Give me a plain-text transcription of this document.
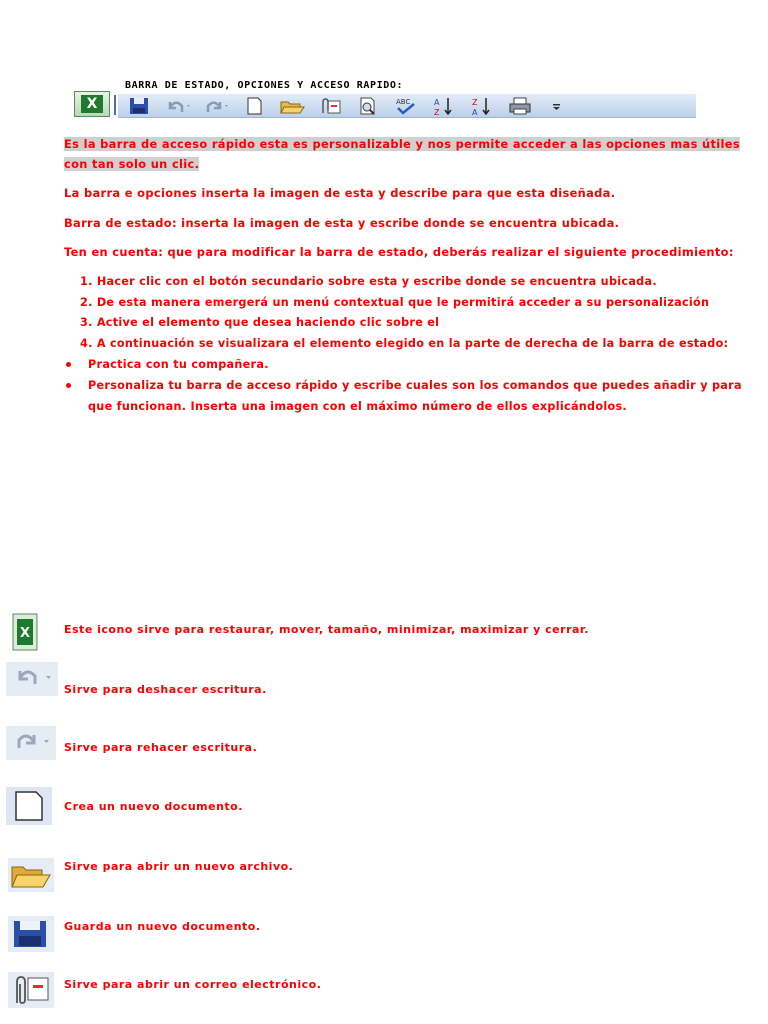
BARRA DE ESTADO, OPCIONES Y ACCESO RAPIDO:
X	ABC	A
Z
Z
A
Es la barra de acceso rápido esta es personalizable y nos permite acceder a las opciones mas útiles
con tan solo un clic.
La barra e opciones inserta la imagen de esta y describe para que esta diseñada.
Barra de estado: inserta la imagen de esta y escribe donde se encuentra ubicada.
Ten en cuenta: que para modificar la barra de estado, deberás realizar el siguiente procedimiento:
1. Hacer clic con el botón secundario sobre esta y escribe donde se encuentra ubicada.
2. De esta manera emergerá un menú contextual que le permitirá acceder a su personalización
3. Active el elemento que desea haciendo clic sobre el
4. A continuación se visualizara el elemento elegido en la parte de derecha de la barra de estado:
Practica con tu compañera.
Personaliza tu barra de acceso rápido y escribe cuales son los comandos que puedes añadir y para
que funcionan. Inserta una imagen con el máximo número de ellos explicándolos.
X	Este icono sirve para restaurar, mover, tamaño, minimizar, maximizar y cerrar.
Sirve para deshacer escritura.
Sirve para rehacer escritura.
Crea un nuevo documento.
Sirve para abrir un nuevo archivo.
Guarda un nuevo documento.
Sirve para abrir un correo electrónico.
